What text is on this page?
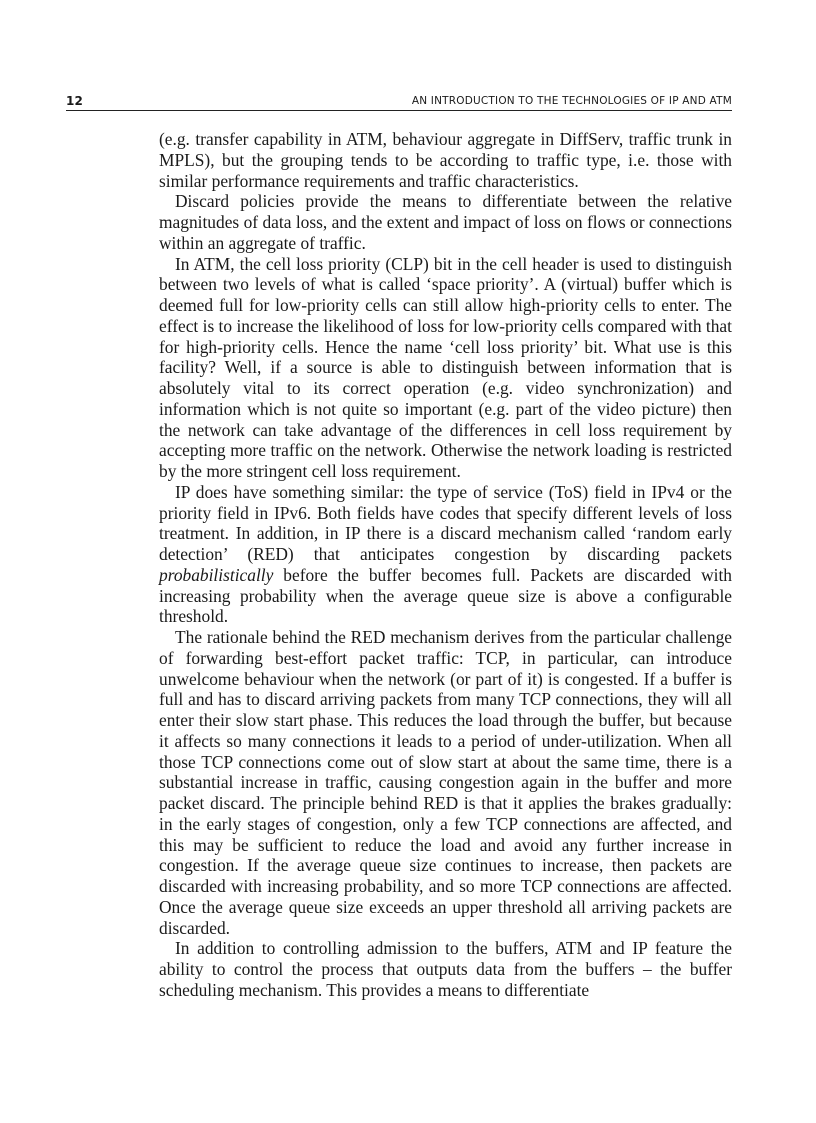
12	AN INTRODUCTION TO THE TECHNOLOGIES OF IP AND ATM

(e.g. transfer capability in ATM, behaviour aggregate in DiffServ, traffic trunk in MPLS), but the grouping tends to be according to traffic type, i.e. those with similar performance requirements and traffic characteristics.

Discard policies provide the means to differentiate between the relative magnitudes of data loss, and the extent and impact of loss on flows or connections within an aggregate of traffic.

In ATM, the cell loss priority (CLP) bit in the cell header is used to distinguish between two levels of what is called ‘space priority’. A (virtual) buffer which is deemed full for low-priority cells can still allow high-priority cells to enter. The effect is to increase the likelihood of loss for low-priority cells compared with that for high-priority cells. Hence the name ‘cell loss priority’ bit. What use is this facility? Well, if a source is able to distinguish between information that is absolutely vital to its correct operation (e.g. video synchronization) and information which is not quite so important (e.g. part of the video picture) then the network can take advantage of the differences in cell loss requirement by accepting more traffic on the network. Otherwise the network loading is restricted by the more stringent cell loss requirement.

IP does have something similar: the type of service (ToS) field in IPv4 or the priority field in IPv6. Both fields have codes that specify different levels of loss treatment. In addition, in IP there is a discard mechanism called ‘random early detection’ (RED) that anticipates congestion by discarding packets probabilistically before the buffer becomes full. Packets are discarded with increasing probability when the average queue size is above a configurable threshold.

The rationale behind the RED mechanism derives from the particular challenge of forwarding best-effort packet traffic: TCP, in particular, can introduce unwelcome behaviour when the network (or part of it) is congested. If a buffer is full and has to discard arriving packets from many TCP connections, they will all enter their slow start phase. This reduces the load through the buffer, but because it affects so many connections it leads to a period of under-utilization. When all those TCP connections come out of slow start at about the same time, there is a substantial increase in traffic, causing congestion again in the buffer and more packet discard. The principle behind RED is that it applies the brakes gradually: in the early stages of congestion, only a few TCP connections are affected, and this may be sufficient to reduce the load and avoid any further increase in congestion. If the average queue size continues to increase, then packets are discarded with increasing probability, and so more TCP connections are affected. Once the average queue size exceeds an upper threshold all arriving packets are discarded.

In addition to controlling admission to the buffers, ATM and IP feature the ability to control the process that outputs data from the buffers – the buffer scheduling mechanism. This provides a means to differentiate
